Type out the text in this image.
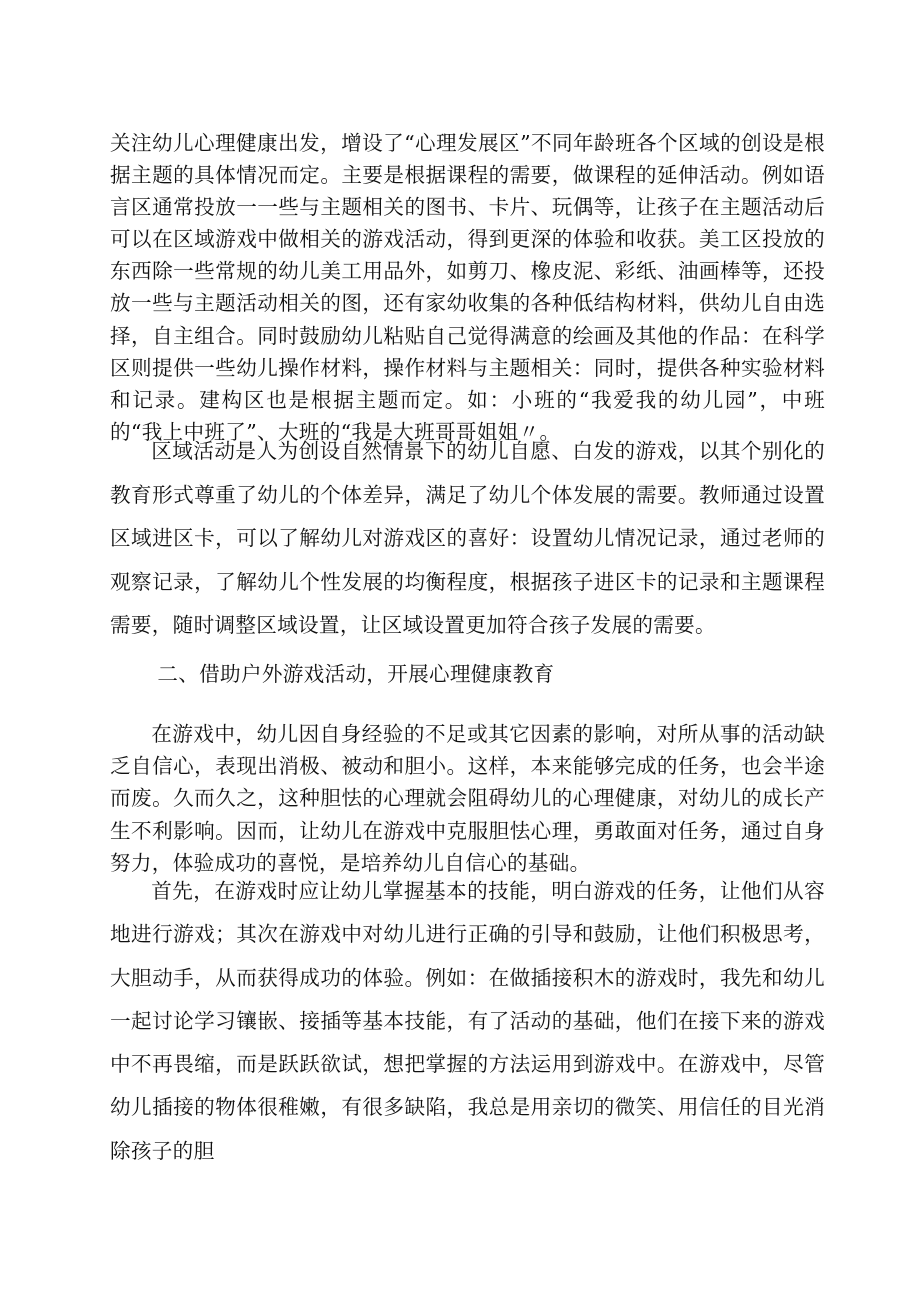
关注幼儿心理健康出发，增设了“心理发展区”不同年龄班各个区域的创设是根据主题的具体情况而定。主要是根据课程的需要，做课程的延伸活动。例如语言区通常投放一一些与主题相关的图书、卡片、玩偶等，让孩子在主题活动后可以在区域游戏中做相关的游戏活动，得到更深的体验和收获。美工区投放的东西除一些常规的幼儿美工用品外，如剪刀、橡皮泥、彩纸、油画棒等，还投放一些与主题活动相关的图，还有家幼收集的各种低结构材料，供幼儿自由选择，自主组合。同时鼓励幼儿粘贴自己觉得满意的绘画及其他的作品：在科学区则提供一些幼儿操作材料，操作材料与主题相关：同时，提供各种实验材料和记录。建构区也是根据主题而定。如：小班的“我爱我的幼儿园”，中班的“我上中班了”、大班的“我是大班哥哥姐姐〃。

区域活动是人为创设自然情景下的幼儿自愿、白发的游戏，以其个别化的教育形式尊重了幼儿的个体差异，满足了幼儿个体发展的需要。教师通过设置区域进区卡，可以了解幼儿对游戏区的喜好：设置幼儿情况记录，通过老师的观察记录，了解幼儿个性发展的均衡程度，根据孩子进区卡的记录和主题课程需要，随时调整区域设置，让区域设置更加符合孩子发展的需要。

二、借助户外游戏活动，开展心理健康教育

在游戏中，幼儿因自身经验的不足或其它因素的影响，对所从事的活动缺乏自信心，表现出消极、被动和胆小。这样，本来能够完成的任务，也会半途而废。久而久之，这种胆怯的心理就会阻碍幼儿的心理健康，对幼儿的成长产生不利影响。因而，让幼儿在游戏中克服胆怯心理，勇敢面对任务，通过自身努力，体验成功的喜悦，是培养幼儿自信心的基础。

首先，在游戏时应让幼儿掌握基本的技能，明白游戏的任务，让他们从容地进行游戏；其次在游戏中对幼儿进行正确的引导和鼓励，让他们积极思考，大胆动手，从而获得成功的体验。例如：在做插接积木的游戏时，我先和幼儿一起讨论学习镶嵌、接插等基本技能，有了活动的基础，他们在接下来的游戏中不再畏缩，而是跃跃欲试，想把掌握的方法运用到游戏中。在游戏中，尽管幼儿插接的物体很稚嫩，有很多缺陷，我总是用亲切的微笑、用信任的目光消除孩子的胆
